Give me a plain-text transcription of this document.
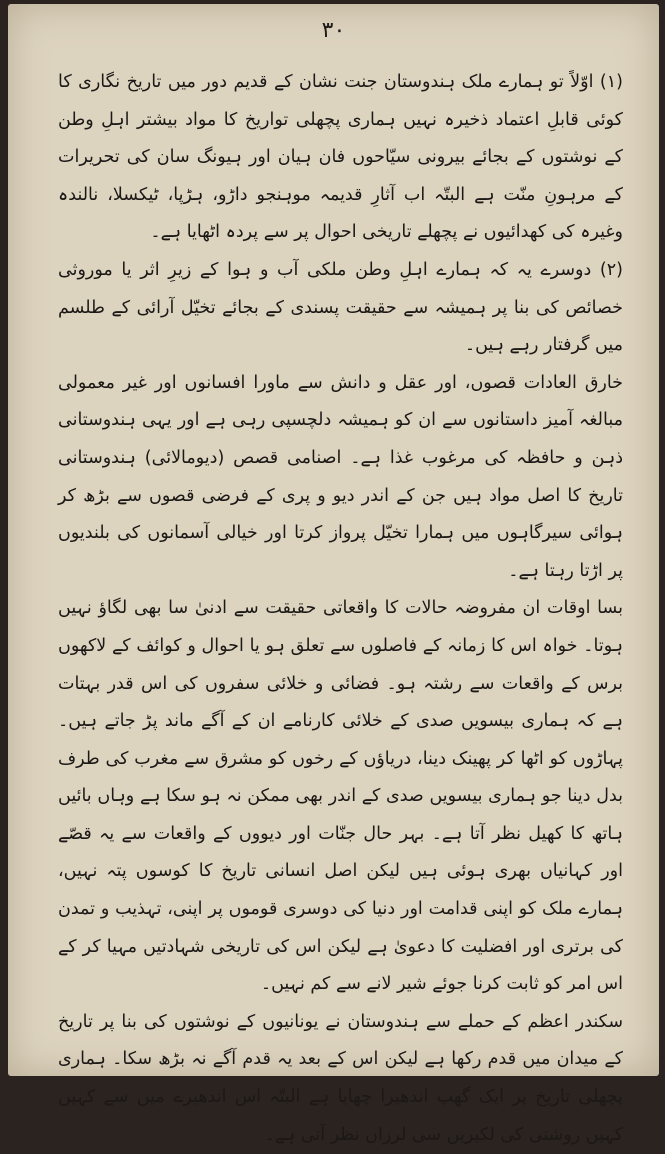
۳۰

(۱) اوّلاً تو ہمارے ملک ہندوستان جنت نشان کے قدیم دور میں تاریخ نگاری کا کوئی قابلِ اعتماد ذخیرہ نہیں ہماری پچھلی تواریخ کا مواد بیشتر اہلِ وطن کے نوشتوں کے بجائے بیرونی سیّاحوں فان ہیان اور ہیونگ سان کی تحریرات کے مرہونِ منّت ہے البتّہ اب آثارِ قدیمہ موہنجو داڑو، ہڑپا، ٹیکسلا، نالندہ وغیرہ کی کھدائیوں نے پچھلے تاریخی احوال پر سے پردہ اٹھایا ہے۔

(۲) دوسرے یہ کہ ہمارے اہلِ وطن ملکی آب و ہوا کے زیرِ اثر یا موروثی خصائص کی بنا پر ہمیشہ سے حقیقت پسندی کے بجائے تخیّل آرائی کے طلسم میں گرفتار رہے ہیں۔

خارق العادات قصوں، اور عقل و دانش سے ماورا افسانوں اور غیر معمولی مبالغہ آمیز داستانوں سے ان کو ہمیشہ دلچسپی رہی ہے اور یہی ہندوستانی ذہن و حافظہ کی مرغوب غذا ہے۔ اصنامی قصص (دیومالائی) ہندوستانی تاریخ کا اصل مواد ہیں جن کے اندر دیو و پری کے فرضی قصوں سے بڑھ کر ہوائی سیرگاہوں میں ہمارا تخیّل پرواز کرتا اور خیالی آسمانوں کی بلندیوں پر اڑتا رہتا ہے۔

بسا اوقات ان مفروضہ حالات کا واقعاتی حقیقت سے ادنیٰ سا بھی لگاؤ نہیں ہوتا۔ خواہ اس کا زمانہ کے فاصلوں سے تعلق ہو یا احوال و کوائف کے لاکھوں برس کے واقعات سے رشتہ ہو۔ فضائی و خلائی سفروں کی اس قدر بہتات ہے کہ ہماری بیسویں صدی کے خلائی کارنامے ان کے آگے ماند پڑ جاتے ہیں۔ پہاڑوں کو اٹھا کر پھینک دینا، دریاؤں کے رخوں کو مشرق سے مغرب کی طرف بدل دینا جو ہماری بیسویں صدی کے اندر بھی ممکن نہ ہو سکا ہے وہاں بائیں ہاتھ کا کھیل نظر آتا ہے۔ بہر حال جنّات اور دیووں کے واقعات سے یہ قصّے اور کہانیاں بھری ہوئی ہیں لیکن اصل انسانی تاریخ کا کوسوں پتہ نہیں، ہمارے ملک کو اپنی قدامت اور دنیا کی دوسری قوموں پر اپنی، تہذیب و تمدن کی برتری اور افضلیت کا دعویٰ ہے لیکن اس کی تاریخی شہادتیں مہیا کر کے اس امر کو ثابت کرنا جوئے شیر لانے سے کم نہیں۔

سکندر اعظم کے حملے سے ہندوستان نے یونانیوں کے نوشتوں کی بنا پر تاریخ کے میدان میں قدم رکھا ہے لیکن اس کے بعد یہ قدم آگے نہ بڑھ سکا۔ ہماری پچھلی تاریخ پر ایک گھپ اندھیرا چھایا ہے البتّہ اس اندھیرے میں سے کہیں کہیں روشنی کی لکیریں سی لرزاں نظر آتی ہے۔
